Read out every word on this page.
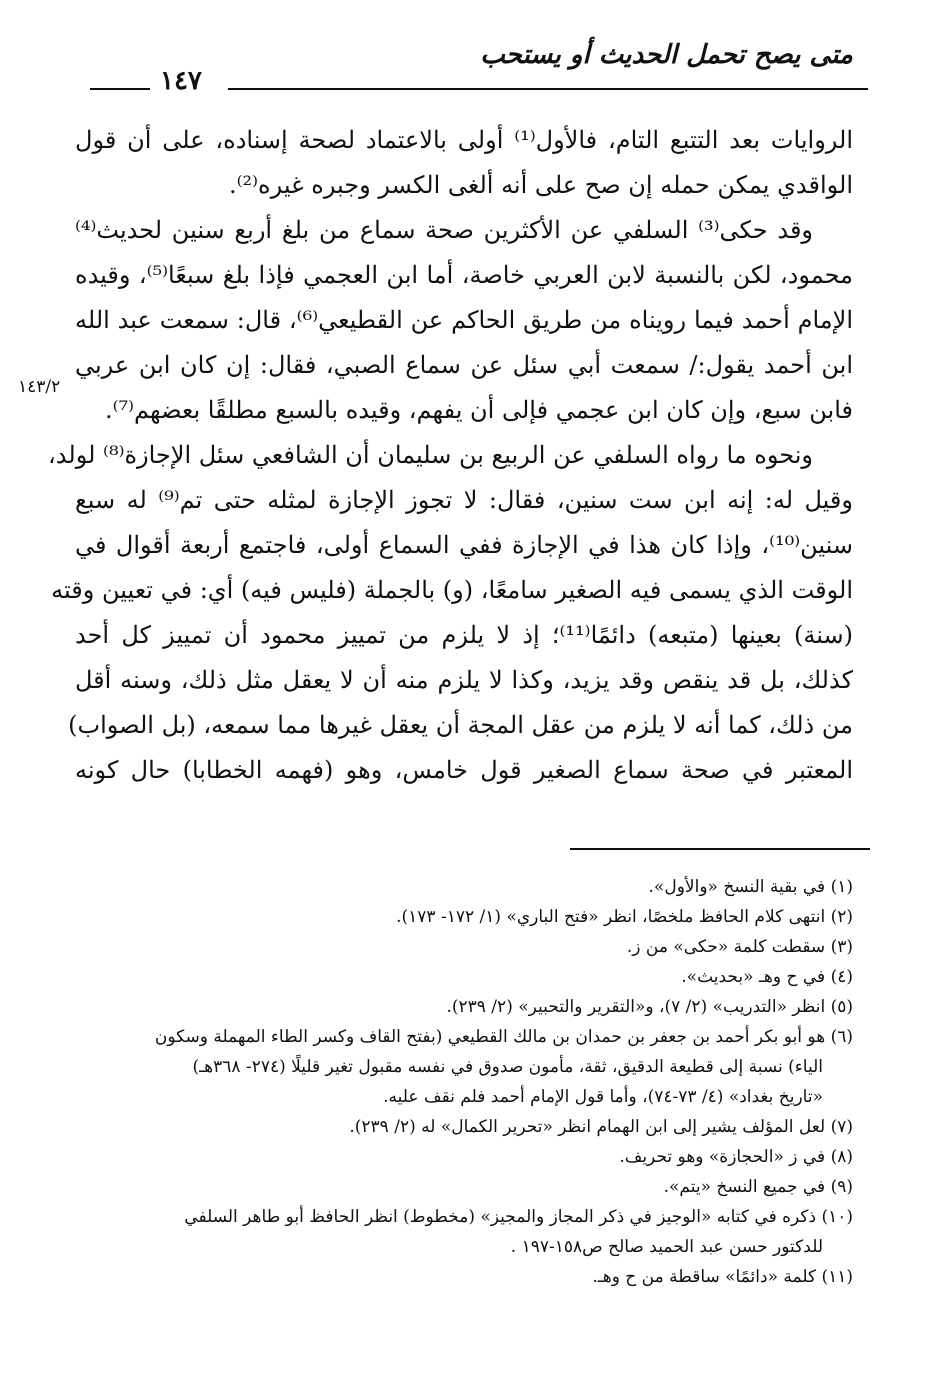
متى يصح تحمل الحديث أو يستحب
١٤٧
١٤٣/٢
الروايات بعد التتبع التام، فالأول⁽¹⁾ أولى بالاعتماد لصحة إسناده، على أن قول
الواقدي يمكن حمله إن صح على أنه ألغى الكسر وجبره غيره⁽²⁾.
وقد حكى⁽³⁾ السلفي عن الأكثرين صحة سماع من بلغ أربع سنين لحديث⁽⁴⁾
محمود، لكن بالنسبة لابن العربي خاصة، أما ابن العجمي فإذا بلغ سبعًا⁽⁵⁾، وقيده
الإمام أحمد فيما رويناه من طريق الحاكم عن القطيعي⁽⁶⁾، قال: سمعت عبد الله
ابن أحمد يقول:/ سمعت أبي سئل عن سماع الصبي، فقال: إن كان ابن عربي
فابن سبع، وإن كان ابن عجمي فإلى أن يفهم، وقيده بالسبع مطلقًا بعضهم⁽⁷⁾.
ونحوه ما رواه السلفي عن الربيع بن سليمان أن الشافعي سئل الإجازة⁽⁸⁾ لولد،
وقيل له: إنه ابن ست سنين، فقال: لا تجوز الإجازة لمثله حتى تم⁽⁹⁾ له سبع
سنين⁽¹⁰⁾، وإذا كان هذا في الإجازة ففي السماع أولى، فاجتمع أربعة أقوال في
الوقت الذي يسمى فيه الصغير سامعًا، (و) بالجملة (فليس فيه) أي: في تعيين وقته
(سنة) بعينها (متبعه) دائمًا⁽¹¹⁾؛ إذ لا يلزم من تمييز محمود أن تمييز كل أحد
كذلك، بل قد ينقص وقد يزيد، وكذا لا يلزم منه أن لا يعقل مثل ذلك، وسنه أقل
من ذلك، كما أنه لا يلزم من عقل المجة أن يعقل غيرها مما سمعه، (بل الصواب)
المعتبر في صحة سماع الصغير قول خامس، وهو (فهمه الخطابا) حال كونه
(١) في بقية النسخ «والأول».
(٢) انتهى كلام الحافظ ملخصًا، انظر «فتح الباري» (١/ ١٧٢- ١٧٣).
(٣) سقطت كلمة «حكى» من ز.
(٤) في ح وهـ «بحديث».
(٥) انظر «التدريب» (٢/ ٧)، و«التقرير والتحبير» (٢/ ٢٣٩).
(٦) هو أبو بكر أحمد بن جعفر بن حمدان بن مالك القطيعي (بفتح القاف وكسر الطاء المهملة وسكون
الياء) نسبة إلى قطيعة الدقيق، ثقة، مأمون صدوق في نفسه مقبول تغير قليلًا (٢٧٤- ٣٦٨هـ)
«تاريخ بغداد» (٤/ ٧٣-٧٤)، وأما قول الإمام أحمد فلم نقف عليه.
(٧) لعل المؤلف يشير إلى ابن الهمام انظر «تحرير الكمال» له (٢/ ٢٣٩).
(٨) في ز «الحجازة» وهو تحريف.
(٩) في جميع النسخ «يتم».
(١٠) ذكره في كتابه «الوجيز في ذكر المجاز والمجيز» (مخطوط) انظر الحافظ أبو طاهر السلفي
للدكتور حسن عبد الحميد صالح ص١٥٨-١٩٧ .
(١١) كلمة «دائمًا» ساقطة من ح وهـ.
